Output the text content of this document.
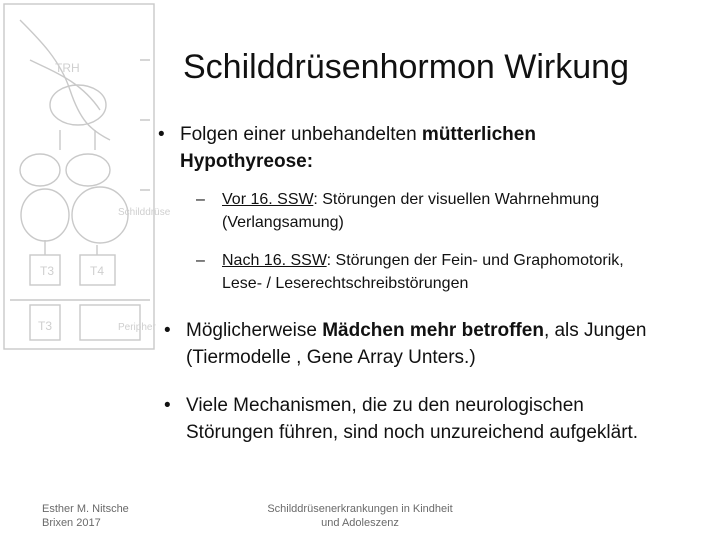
TRH
T3	T4
T3	Peripher
Schilddrüse
Schilddrüsenhormon Wirkung
• Folgen einer unbehandelten mütterlichen Hypothyreose:
– Vor 16. SSW: Störungen der visuellen Wahrnehmung (Verlangsamung)
– Nach 16. SSW: Störungen der Fein- und Graphomotorik, Lese- / Leserechtschreibstörungen
• Möglicherweise Mädchen mehr betroffen, als Jungen (Tiermodelle , Gene Array Unters.)
• Viele Mechanismen, die zu den neurologischen Störungen führen, sind noch unzureichend aufgeklärt.
Esther M. Nitsche
Brixen 2017
Schilddrüsenerkrankungen in Kindheit
und Adoleszenz
